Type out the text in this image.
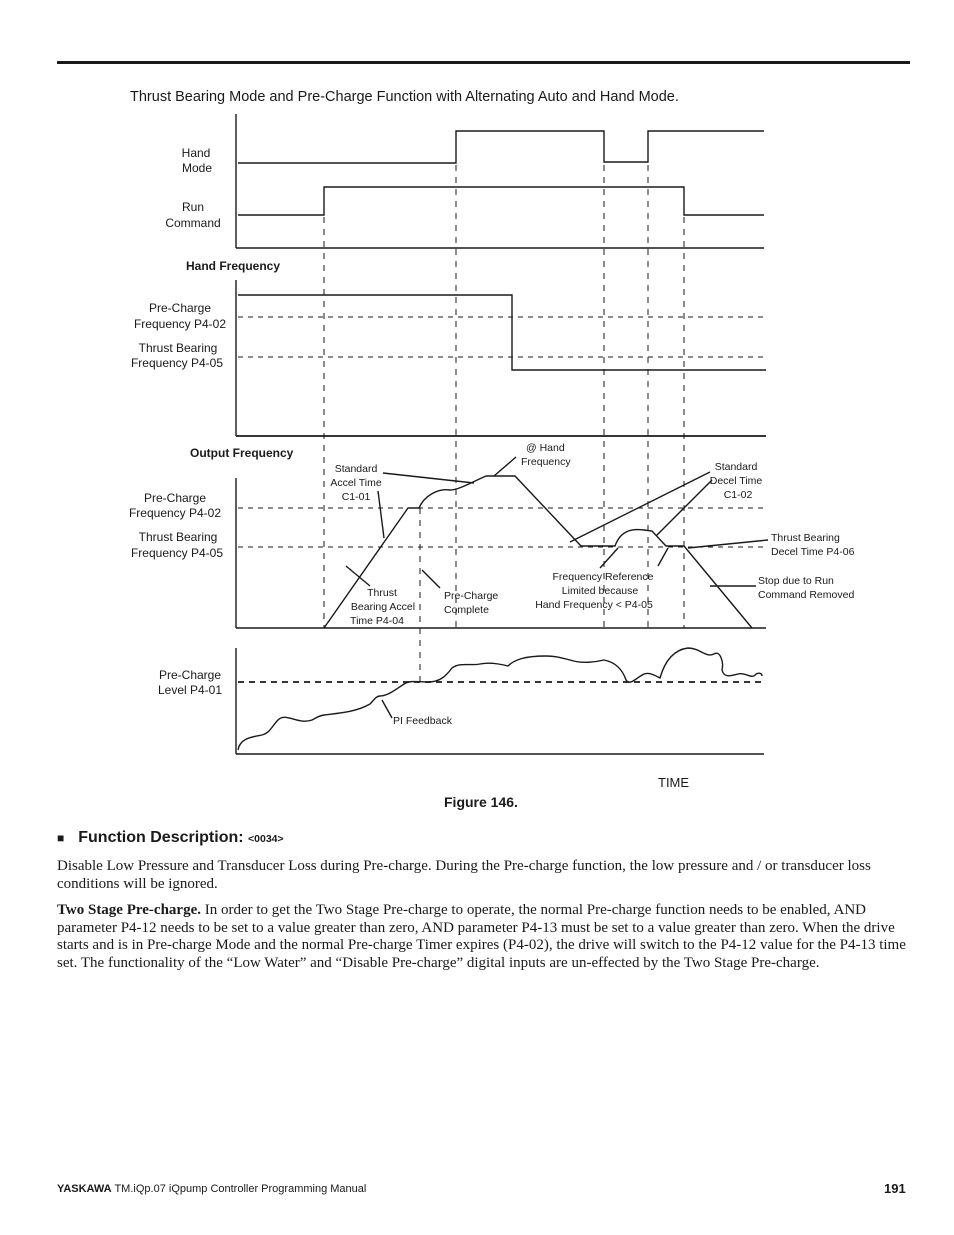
Thrust Bearing Mode and Pre-Charge Function with Alternating Auto and Hand Mode.
Hand Mode
Run Command
Pre-Charge Frequency P4-02
Thrust Bearing Frequency P4-05
Pre-Charge Frequency P4-02
Thrust Bearing Frequency P4-05
Pre-Charge Level P4-01
Hand Frequency
Output Frequency
Standard Accel Time C1-01
Standard Decel Time C1-02
Frequency Reference Limited because Hand Frequency < P4-05
Thrust Bearing Accel Time P4-04
@ Hand Frequency
Thrust Bearing Decel Time P4-06
Stop due to Run Command Removed
Pre-Charge Complete
PI Feedback
TIME
Figure 146.
■ Function Description: <0034>
Disable Low Pressure and Transducer Loss during Pre-charge. During the Pre-charge function, the low pressure and / or transducer loss conditions will be ignored.
Two Stage Pre-charge. In order to get the Two Stage Pre-charge to operate, the normal Pre-charge function needs to be enabled, AND parameter P4-12 needs to be set to a value greater than zero, AND parameter P4-13 must be set to a value greater than zero. When the drive starts and is in Pre-charge Mode and the normal Pre-charge Timer expires (P4-02), the drive will switch to the P4-12 value for the P4-13 time set. The functionality of the “Low Water” and “Disable Pre-charge” digital inputs are un-effected by the Two Stage Pre-charge.
YASKAWA TM.iQp.07 iQpump Controller Programming Manual	191
